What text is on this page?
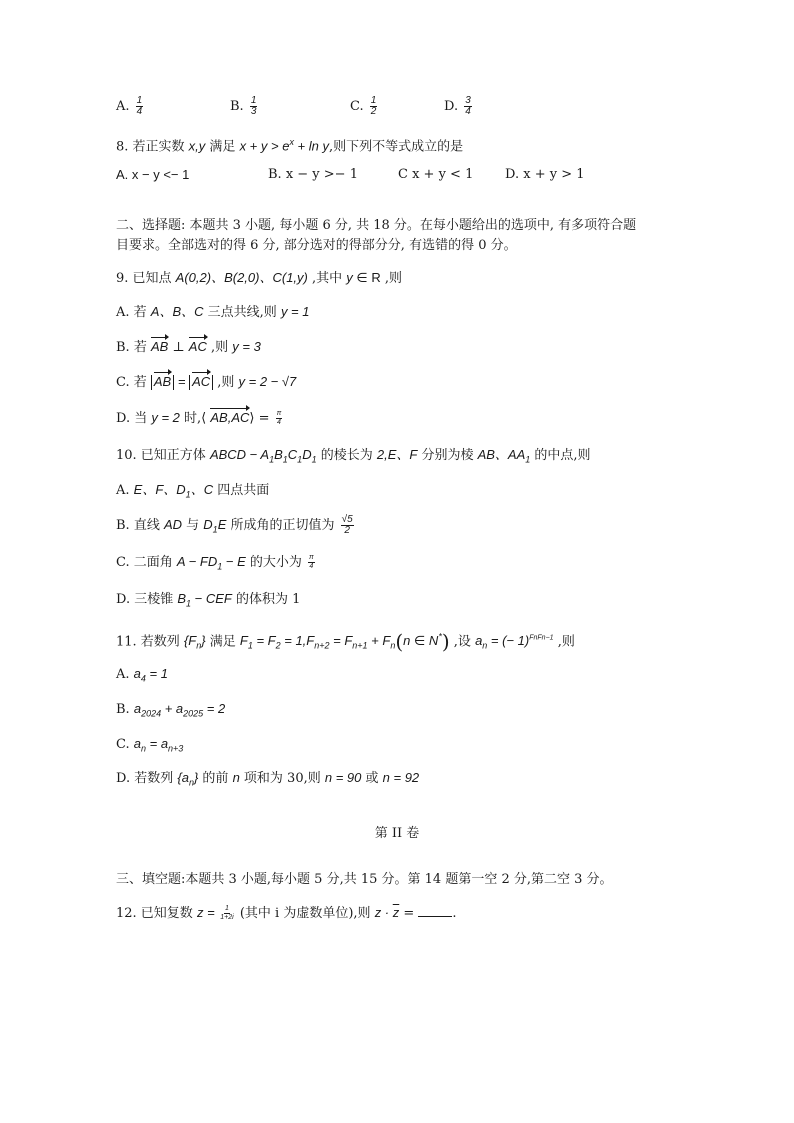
A. $\frac{1}{4}$	B. $\frac{1}{3}$	C. $\frac{1}{2}$	D. $\frac{3}{4}$
8. 若正实数 x,y 满足 $x + y > e^x + \ln y$,则下列不等式成立的是
A. x − y <− 1	B. x − y >− 1	C x + y < 1 D. x + y > 1
二、选择题: 本题共 3 小题, 每小题 6 分, 共 18 分。在每小题给出的选项中, 有多项符合题
目要求。全部选对的得 6 分, 部分选对的得部分分, 有选错的得 0 分。
9. 已知点 A(0,2)、B(2,0)、C(1,y) ,其中 y ∈ R ,则
A. 若 A、B、C 三点共线,则 y = 1
B. 若 AB ⊥ AC ,则 y = 3
C. 若 AB = AC ,则 y = 2 − √7
D. 当 y = 2 时,⟨ AB,AC⟩ = $\frac{\pi}{4}$
10. 已知正方体 ABCD − $A_1B_1C_1D_1$ 的棱长为 2,E、F 分别为棱 AB、$AA_1$ 的中点,则
A. E、F、$D_1$、C 四点共面
B. 直线 AD 与 $D_1E$ 所成角的正切值为 $\frac{√5}{2}$
C. 二面角 $A - FD_1 - E$ 的大小为 $\frac{\pi}{4}$
D. 三棱锥 $B_1$ − CEF 的体积为 1
11. 若数列 $\{F_n\}$ 满足 $F_1 = F_2 = 1,F_{n+2} = F_{n+1} + F_n(n$ ∈ N*) ,设 $a_n$ = (− 1)$^{FnFn-1}$ ,则
A. $a_4 = 1$
B. $a_{2024} + a_{2025} = 2$
C. $a_n = a_{n+3}$
D. 若数列 $\{a_n\}$ 的前 n 项和为 30,则 n = 90 或 n = 92
第 II 卷
三、填空题:本题共 3 小题,每小题 5 分,共 15 分。第 14 题第一空 2 分,第二空 3 分。
12. 已知复数 $z = \frac{1}{1+2i}$ (其中 i 为虚数单位),则 $z \cdot \overline{z}$ =	.
